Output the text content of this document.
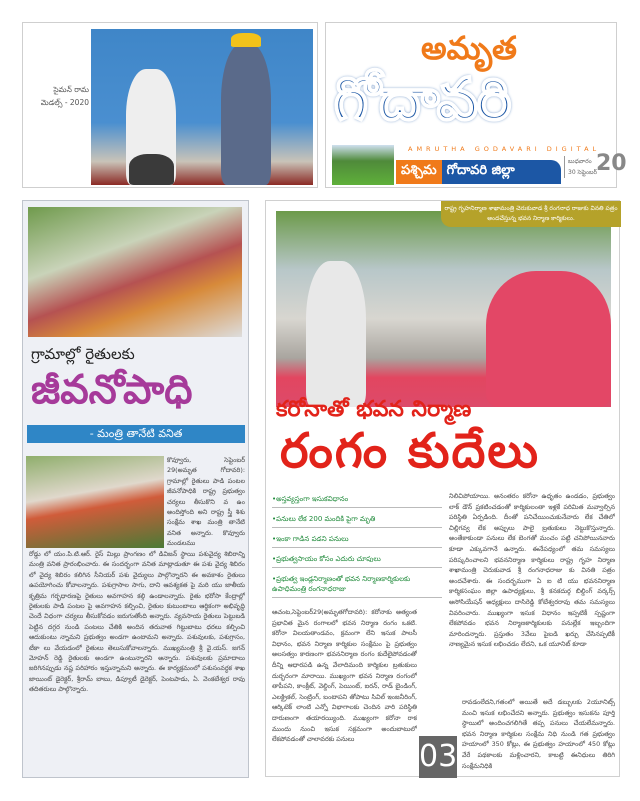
సైమన్ రామ మెడల్స్ - 2020
అమృత
గోదావరి
AMRUTHA GODAVARI DIGITAL
పశ్చిమ గోదావరి జిల్లా
బుధవారం
30 సెప్టెంబర్
20
గ్రామాల్లో రైతులకు
జీవనోపాధి
- మంత్రి తానేటి వనిత
కొవ్వూరు, సెప్టెంబర్ 29(అమృత గోదావరి): గ్రామాల్లో రైతులు పాడి పంటల జీవనోపాధికి రాష్ట్ర ప్రభుత్వం చర్యలు తీసుకొని వ ఉం అందిస్తోంది అని రాష్ట్ర స్త్రీ శిశు సంక్షేమ శాఖ మంత్రి తానేటి వనిత అన్నారు. కొవ్వూరు మండలము
రోడ్డు లో యం.పి.టి.ఆర్. రైస్ మిల్లు ప్రాంగణం లో డివిజన్ స్థాయి పశువైద్య శిబిరాన్ని మంత్రి వనిత ప్రారంభించారు. ఈ సందర్భంగా వనిత మాట్లాడుతూ ఈ పశు వైద్య శిబిరం లో వైద్య శిబిరం కలిగిన సీనియర్ పశు వైద్యులు పాల్గొన్నారని ఈ అవకాశం రైతులు ఉపయోగించు కోవాలన్నారు. పశుగ్రాసాల సాగు, దాని ఆవశ్యకత పై మరి యు జాతీయ కృత్రిమ గర్భధారణపై రైతులు అవగాహన కల్గి ఉండాలన్నారు. రైతు భరోసా కేంద్రాల్లో రైతులకు పాడి పంటల పై అవగాహన కల్పించి, రైతుల కుటుంబాలు ఆర్థికంగా అభివృద్ధి చెందే విధంగా చర్యలు తీసుకోవడం జరుగుతోంది అన్నారు. వ్యవసాయ రైతులు పెట్టుబడి పెట్టిన దగ్గర నుండి పంటలు చేతికి అందిన తరువాత గిట్టుబాటు ధరలు కల్పించి ఆదుకుంటు న్నామని ప్రభుత్వం అండగా ఉంటామని అన్నారు. పశువులకు, పశుగ్రాసం, టీకా లు వేయడంలో రైతులు తెలుసుకోవాలన్నారు. ముఖ్యమంత్రి శ్రీ వై.యస్. జగన్ మోహన్ రెడ్డి రైతులకు అండగా ఉంటున్నారని అన్నారు. పశువులకు ప్రమాదాలు జరిగినప్పుడు నష్ట పరిహారం ఇస్తున్నామని అన్నారు. ఈ కార్యక్రమంలో పశుసంవర్ధక శాఖ జాయింట్ డైరెక్టర్, శ్రీరామ్ బాబు, డిప్యూటీ డైరెక్టర్, పెంటపాడు, ఏ. వెంకటేశ్వర రావు తదితరులు పాల్గొన్నారు.
రాష్ట్ర గృహనిర్మాణ శాఖామంత్రి చెరుకువాడ శ్రీ రంగనాధ రాజుకు వినతి పత్రం అందచేస్తున్న భవన నిర్మాణ కార్మికులు.
కరోనాతో భవన నిర్మాణ
రంగం కుదేలు
• అస్తవ్యస్తంగా ఇసుకవిధానం
• పనులు లేక 200 మందికి పైగా మృతి
• ఇంకా గాడిన పడని పనులు
• ప్రభుత్వసాయం కోసం ఎదురు చూపులు
• ప్రభుత్వ ఇండ్లనిర్మాణంతో భవన నిర్మాణకార్మికులకు ఉపాధిమంత్రి రంగనాధరాజు
ఆచంట,సెప్టెంబర్29(అమృతగోదావరి): కరోనాకు అత్యంత ప్రభావిత మైన రంగాలలో భవన నిర్మాణ రంగం ఒకటి. కరోనా విలయతాండవం, క్రమంగా లేని ఇసుక పాలసీ విధానం, భవన నిర్మాణ కార్మికుల సంక్షేమం పై ప్రభుత్వం అలసత్వం కారణంగా భవననిర్మాణ రంగం కుదేలైపోవడంతో దీన్ని ఆధారపడి ఉన్న వేలాదిమంది కార్మికుల బ్రతుకులు దుర్భరంగా మారాయి. ముఖ్యంగా భవన నిర్మాణ రంగంలో తాపీపని, కాంక్రీట్, వెల్డింగ్, పెయింట్, ఐరన్, రాడ్ బైండింగ్, ఎలక్ట్రికల్, సెంట్రింగ్, బంటాపని తోపాటు సివిల్ ఇంజనీరింగ్, ఆర్కిటెక్ లాంటి ఎన్నో విభాగాలకు చెందిన వారి పరిస్థితి దారుణంగా తయారయ్యింది. ముఖ్యంగా కరోనా రాక ముందు నుంచి ఇసుక సక్రమంగా అందుబాటులో లేకపోవడంతో చాలావరకు పనులు
నిలిచిపోయాయి. అనంతరం కరోనా ఉధృతం ఉండడం, ప్రభుత్వం లాక్ డౌన్ ప్రకటించడంతో కార్మికులంతా ఇళ్లకే పరిమిత మవ్వాల్సిన పరిస్థితి ఏర్పడింది. దీంతో పనిచేయించుకునేవారు లేక చేతిలో చిల్లిగవ్వ లేక అప్పులు పాలై బ్రతుకులు నెట్టుకొస్తున్నారు. అంతేకాకుండా పనులు లేక బెంగతో మంచం పట్టి చనిపోయినవారు కూడా ఎక్కువగానే ఉన్నారు. ఈనేపధ్యంలో తమ సమస్యలు పరిష్కరించాలని భవననిర్మాణ కార్మికులు రాష్ట్ర గృహ నిర్మాణ శాఖామంత్రి చెరుకువాడ శ్రీ రంగనాధరాజు కు వినతి పత్రం అందచేశారు. ఈ సందర్భముగా ఏ ఐ టి యు భవననిర్మాణ కార్మికసంఘం జిల్లా ఉపాధ్యక్షులు, శ్రీ కనకదుర్గ బిల్డింగ్ వర్కర్స్ అసోసియేషన్ అధ్యక్షులు దాసిరెడ్డి కోటేశ్వరరావు తమ సమస్యలు వివరించారు. ముఖ్యంగా ఇసుక విధానం ఇప్పటికీ స్పష్టంగా లేకపోవడం భవన నిర్మాణకార్మికులకు పనుల్లేక ఇబ్బందిగా మారిందన్నారు. ప్రస్తుతం 3వేలు పైబడి ఖర్చు చేసినప్పటికీ నాణ్యమైన ఇసుక లభించడం లేదని, ఒక యూనిట్ కూడా
రావడంలేదని,గతంలో అయితే అదే డబ్బులకు 2యూనిట్స్ మంచి ఇసుక లభించేదని అన్నారు. ప్రభుత్వం ఇసుకను పూర్తి స్థాయిలో అందించగలిగితే తప్ప పనులు చేయలేమన్నారు. భవన నిర్మాణ కార్మికుల సంక్షేమ నిధి నుండి గత ప్రభుత్వం హయాంలో 350 కోట్లు, ఈ ప్రభుత్వం హయాంలో 450 కోట్లు వేరే పథకాలకు మళ్లించారని, కాబట్టి ఈనిధులు తిరిగి సంక్షేమనిధికి
03
